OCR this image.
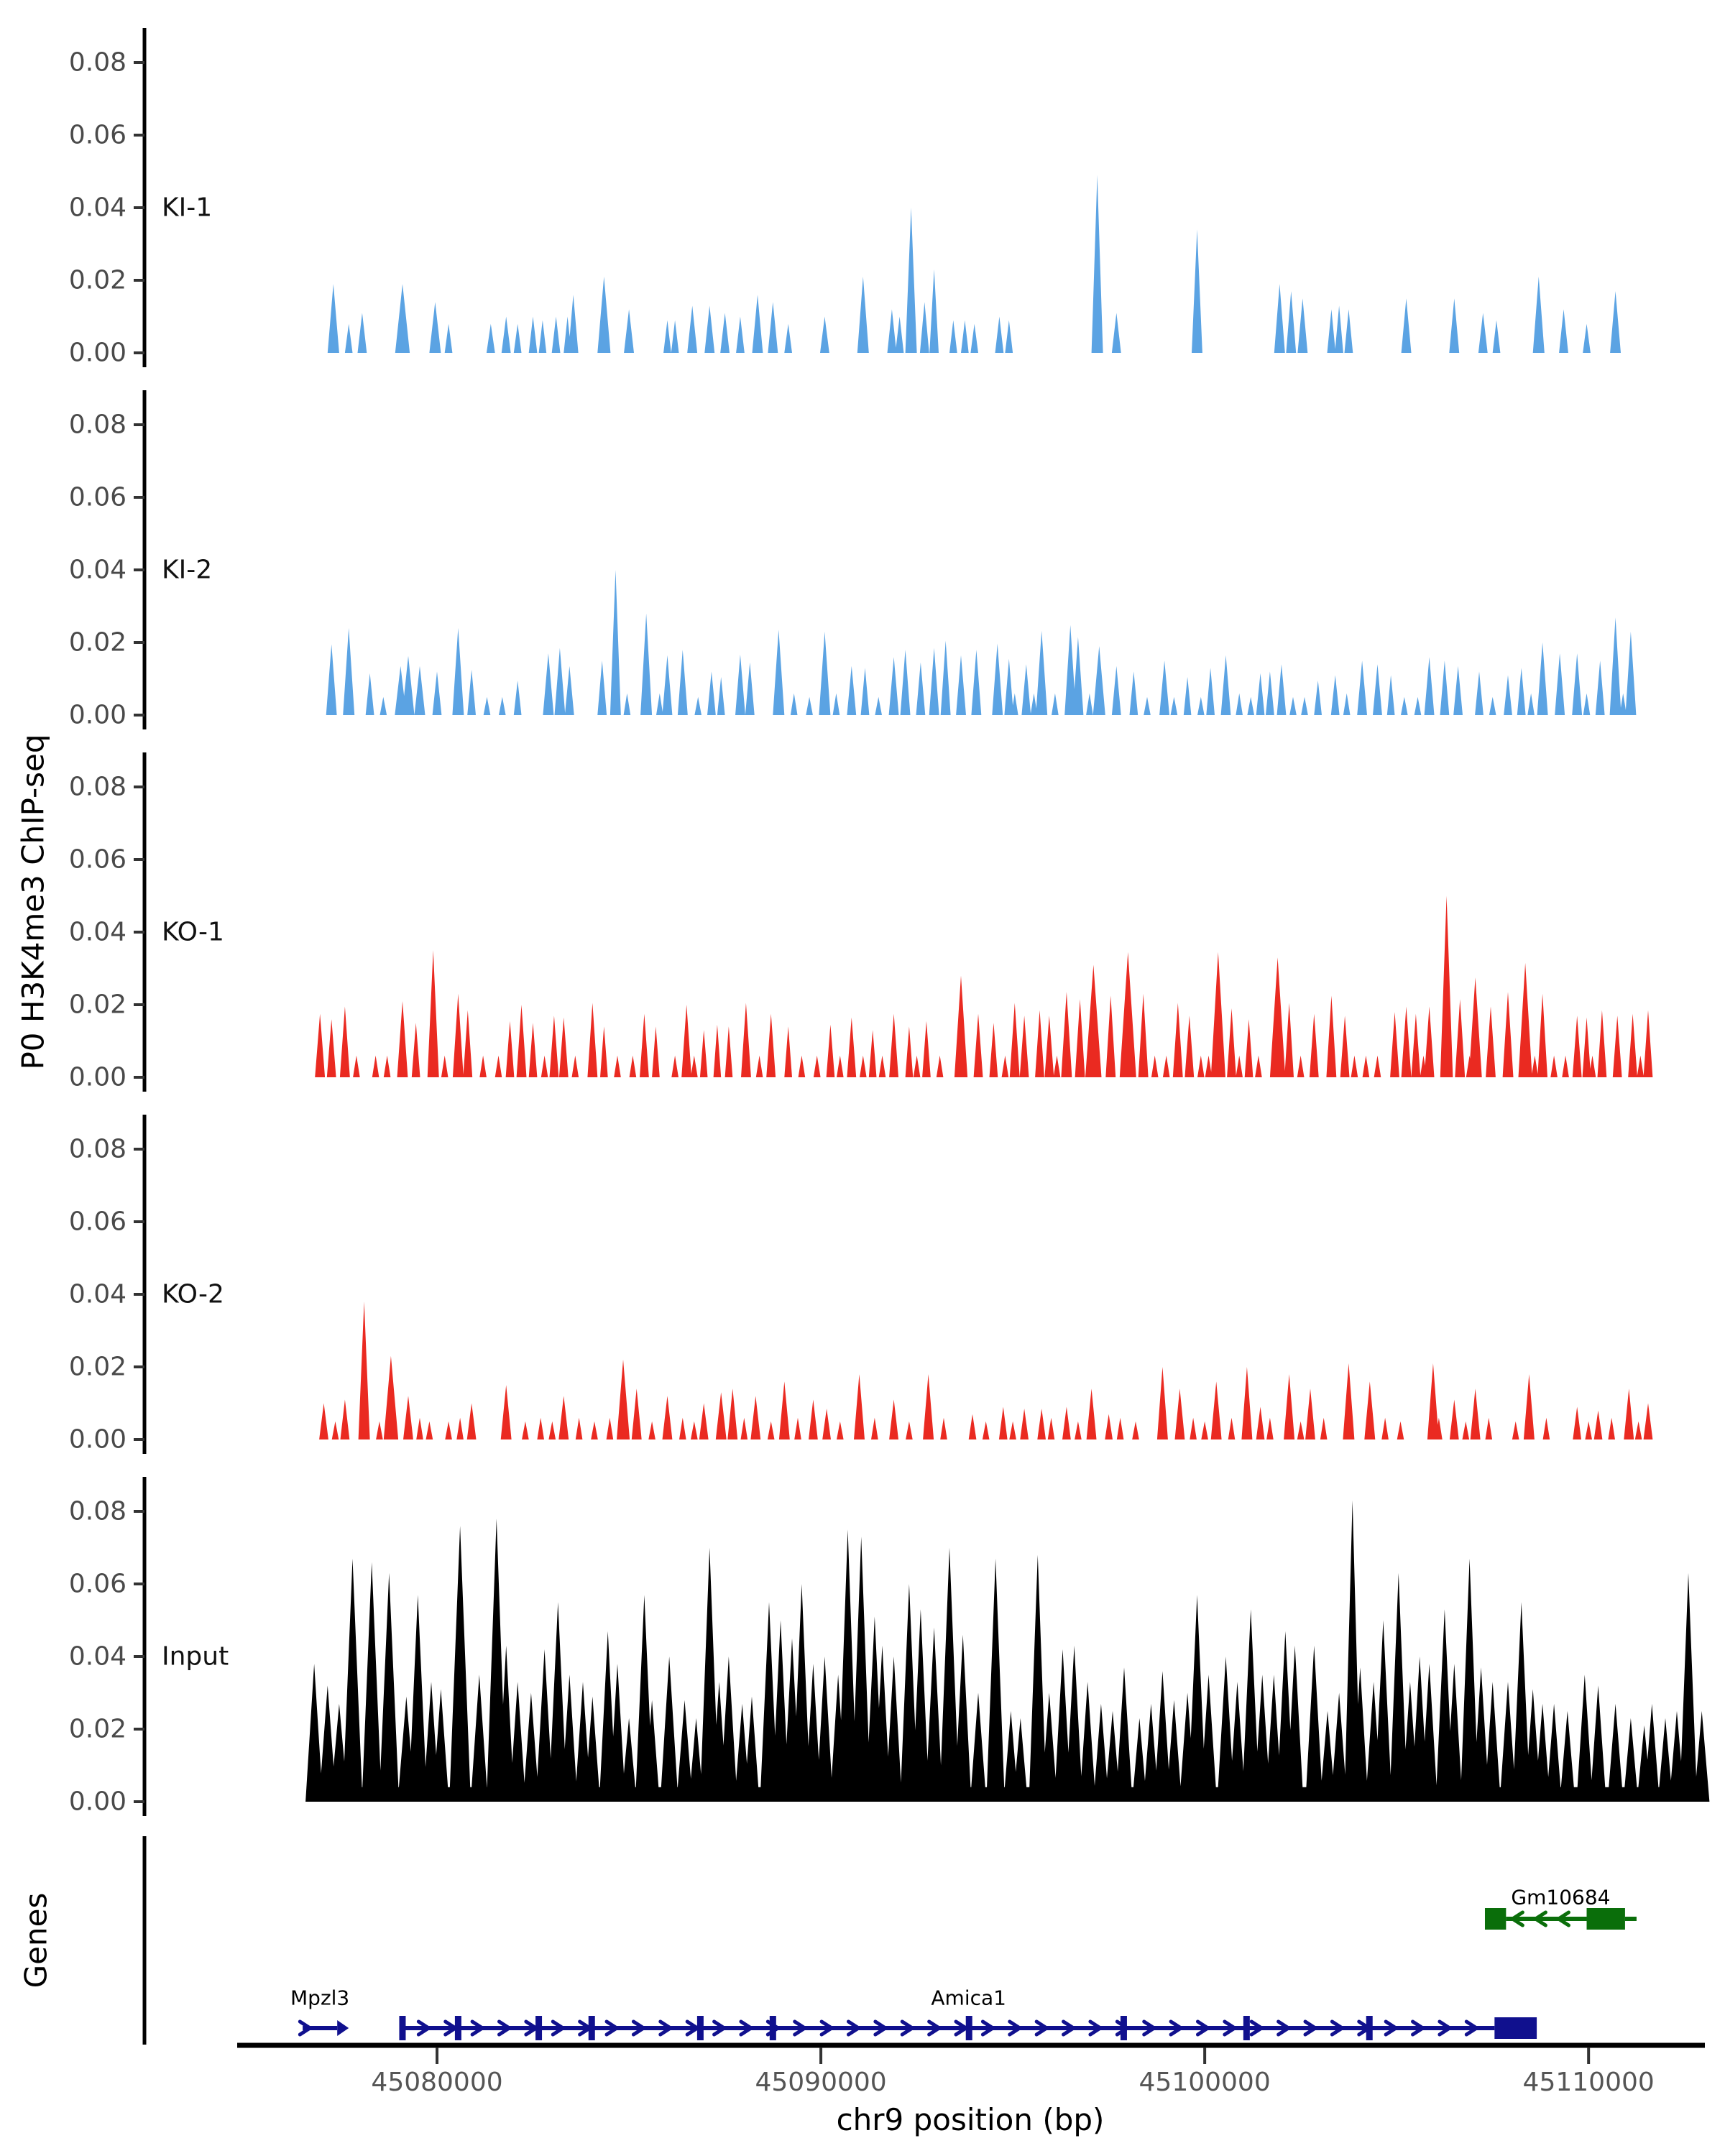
P0 H3K4me3 ChIP-seq
Genes
chr9 position (bp)
0.00
0.02
0.04
0.06
0.08
KI-1
0.00
0.02
0.04
0.06
0.08
KI-2
0.00
0.02
0.04
0.06
0.08
KO-1
0.00
0.02
0.04
0.06
0.08
KO-2
0.00
0.02
0.04
0.06
0.08
Input
45080000	45090000	45100000	45110000
Mpzl3	Amica1
Gm10684
